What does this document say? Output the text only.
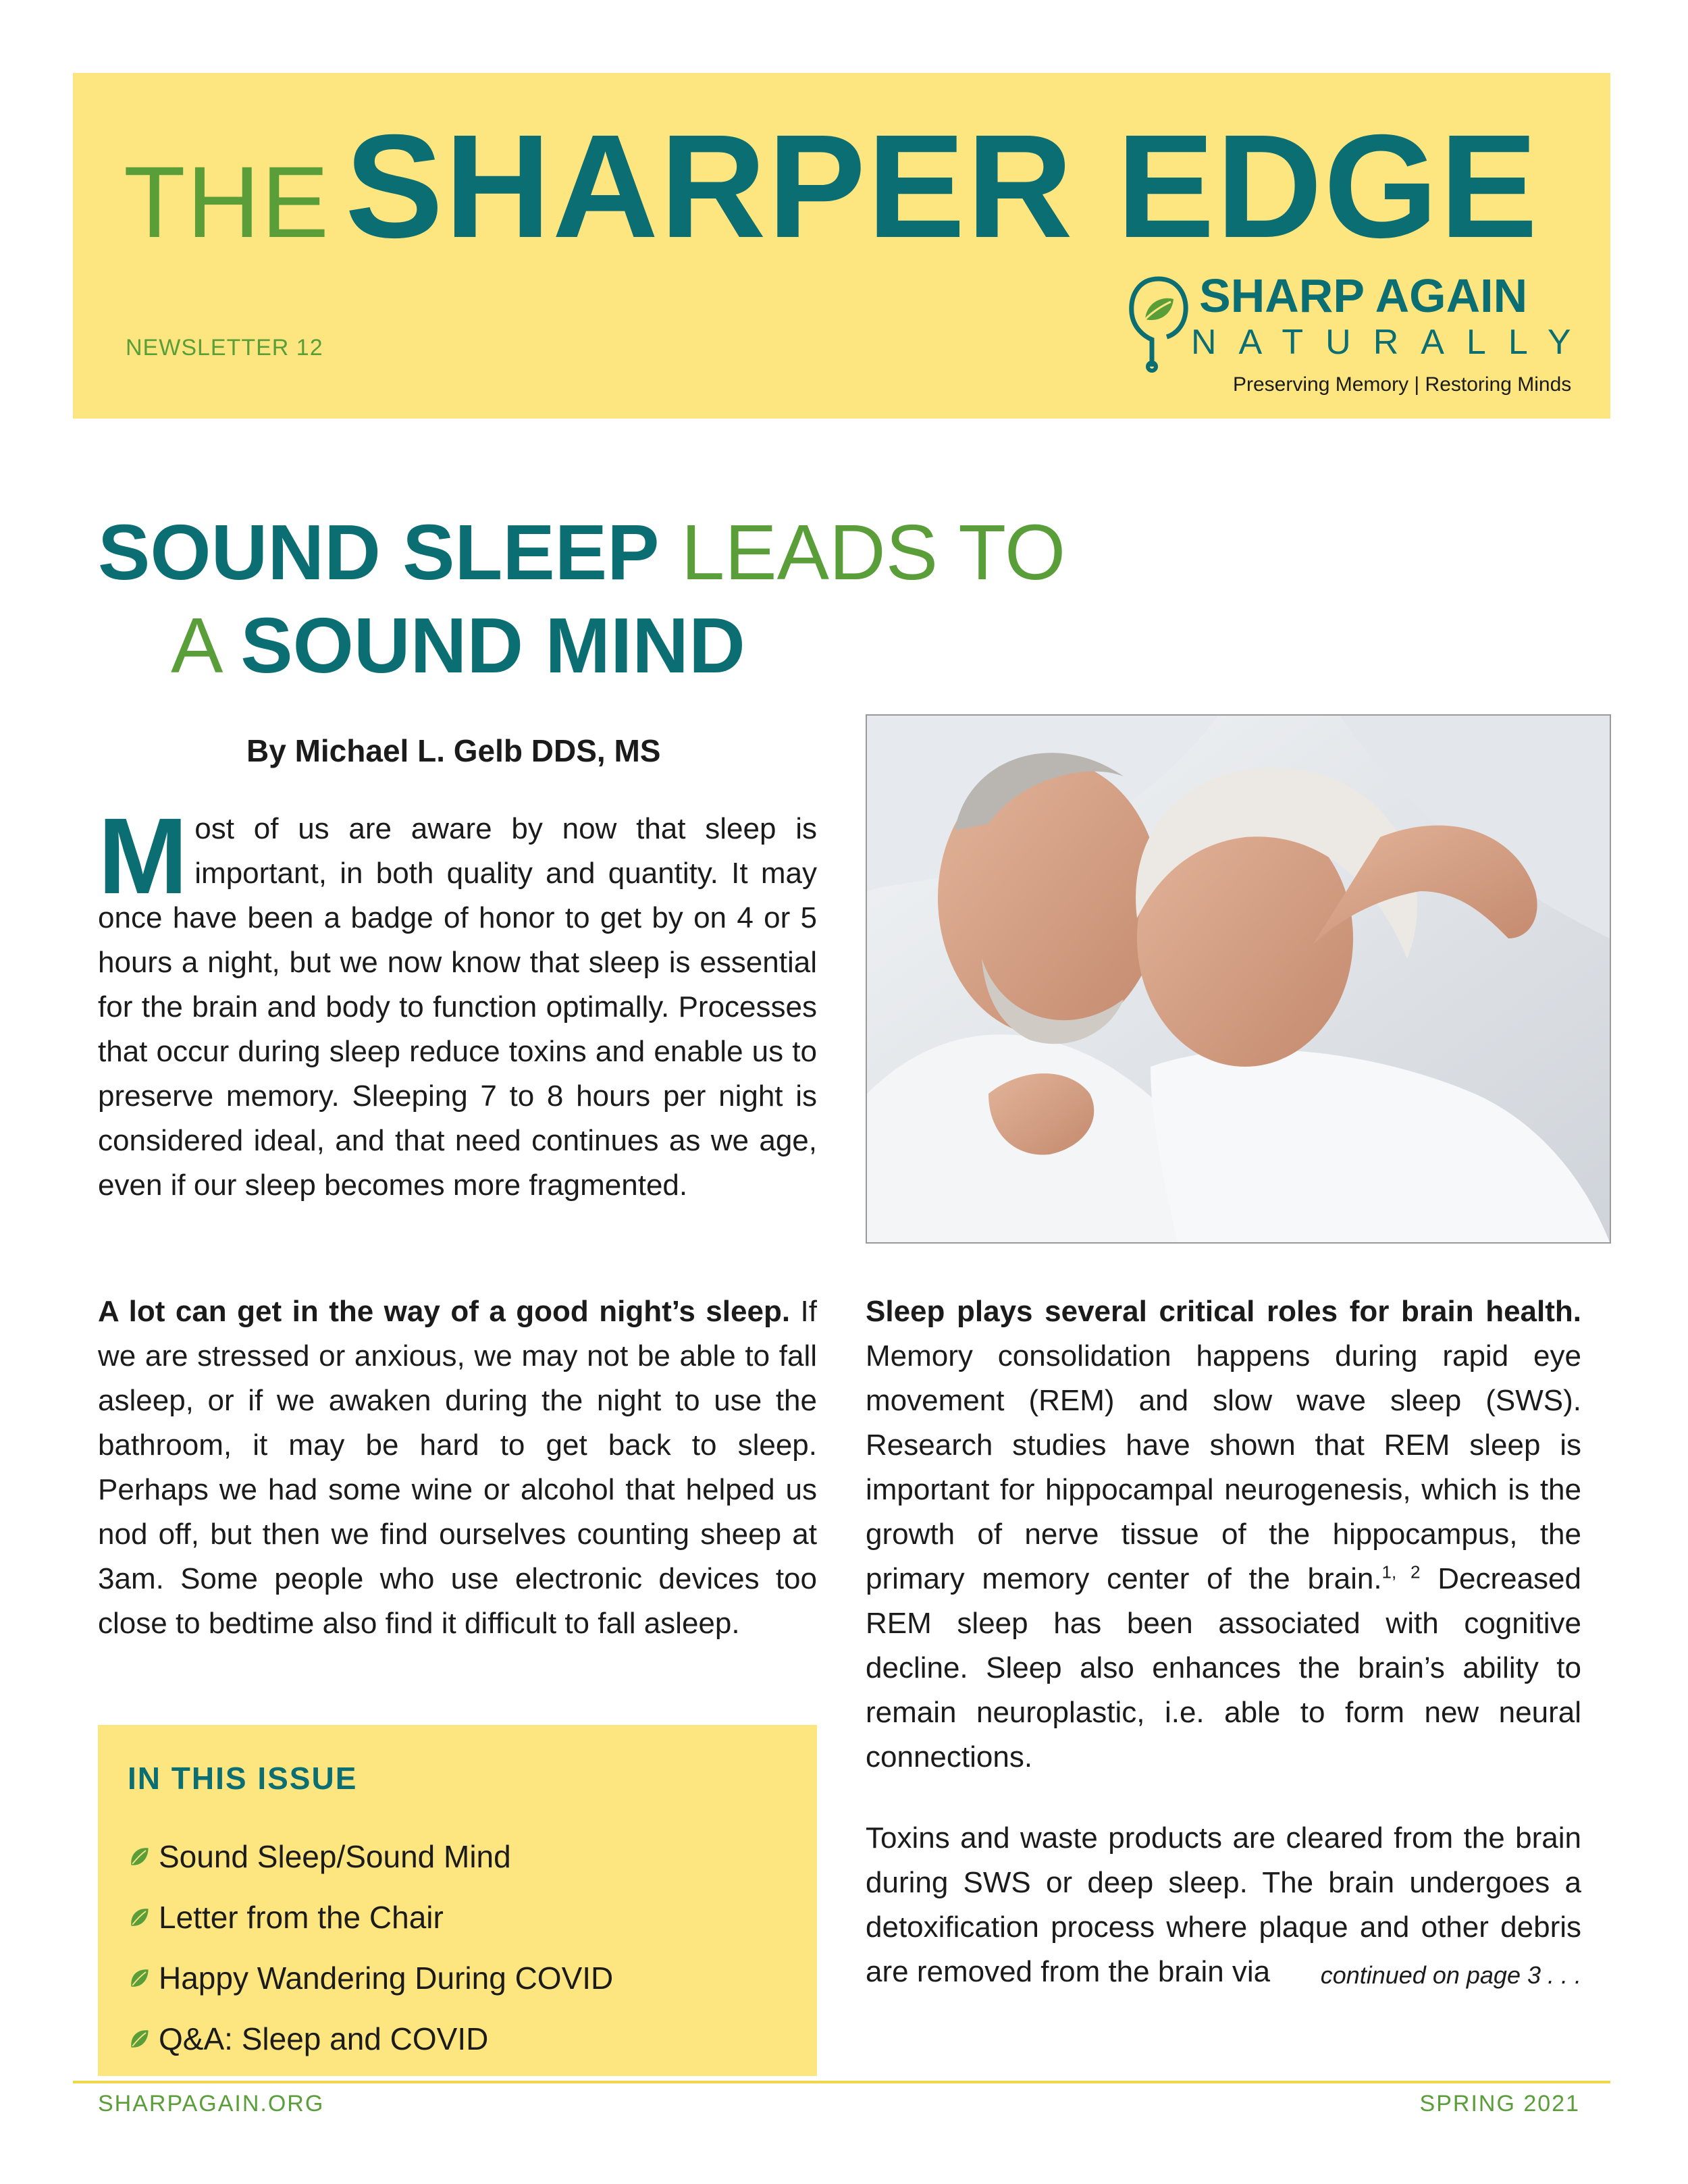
THE SHARPER EDGE
NEWSLETTER 12
SHARP AGAIN
NATURALLY
Preserving Memory | Restoring Minds
SOUND SLEEP LEADS TO
A SOUND MIND
By Michael L. Gelb DDS, MS
Most of us are aware by now that sleep is important, in both quality and quantity. It may once have been a badge of honor to get by on 4 or 5 hours a night, but we now know that sleep is essential for the brain and body to function optimally. Processes that occur during sleep reduce toxins and enable us to preserve memory. Sleeping 7 to 8 hours per night is considered ideal, and that need continues as we age, even if our sleep becomes more fragmented.

A lot can get in the way of a good night’s sleep. If we are stressed or anxious, we may not be able to fall asleep, or if we awaken during the night to use the bathroom, it may be hard to get back to sleep. Perhaps we had some wine or alcohol that helped us nod off, but then we find ourselves counting sheep at 3am. Some people who use electronic devices too close to bedtime also find it difficult to fall asleep.

Sleep plays several critical roles for brain health. Memory consolidation happens during rapid eye movement (REM) and slow wave sleep (SWS). Research studies have shown that REM sleep is important for hippocampal neurogenesis, which is the growth of nerve tissue of the hippocampus, the primary memory center of the brain.$^{1, 2}$ Decreased REM sleep has been associated with cognitive decline. Sleep also enhances the brain’s ability to remain neuroplastic, i.e. able to form new neural connections.

Toxins and waste products are cleared from the brain during SWS or deep sleep. The brain undergoes a detoxification process where plaque and other debris are removed from the brain via	continued on page 3 . . .
IN THIS ISSUE
Sound Sleep/Sound Mind
Letter from the Chair
Happy Wandering During COVID
Q&A: Sleep and COVID
SHARPAGAIN.ORG	SPRING 2021
